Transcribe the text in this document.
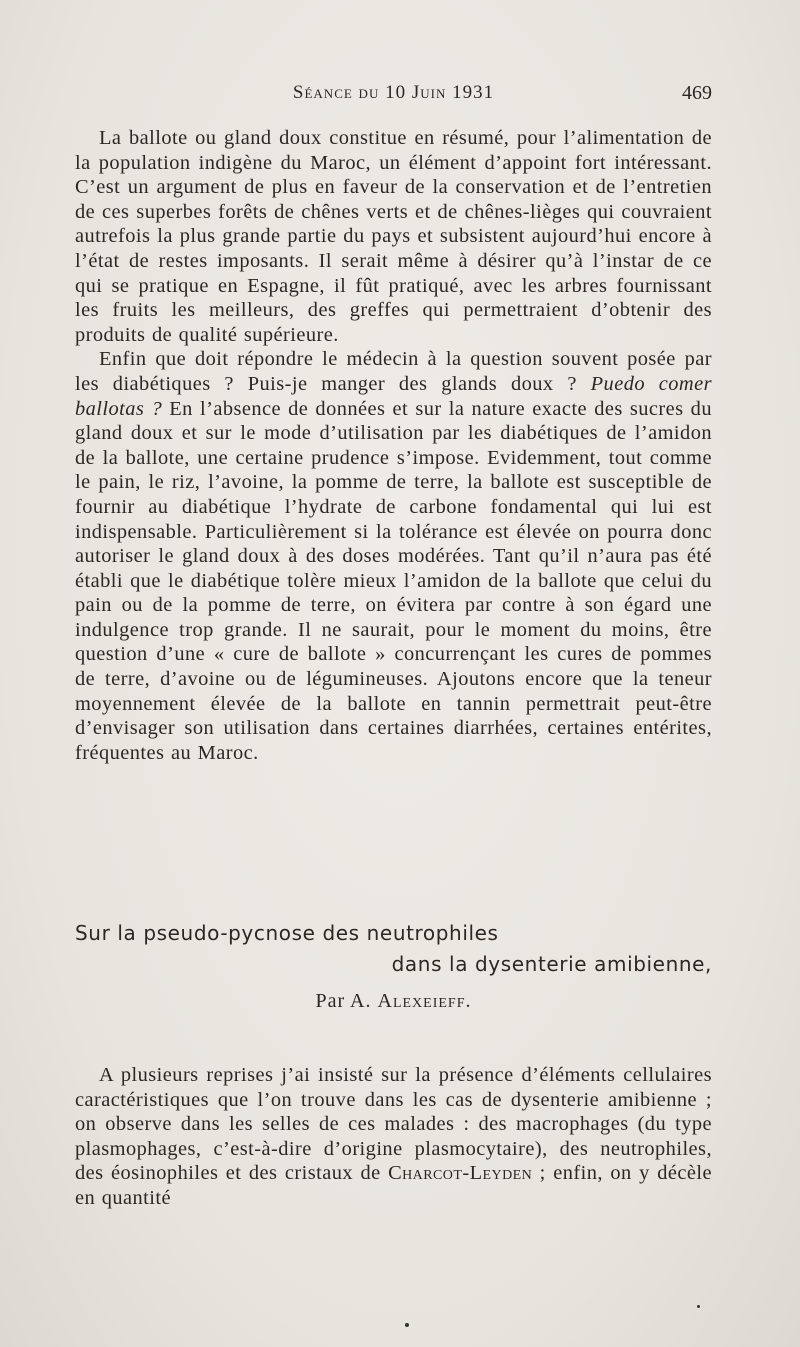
Séance du 10 Juin 1931	469

La ballote ou gland doux constitue en résumé, pour l’alimentation de la population indigène du Maroc, un élément d’appoint fort intéressant. C’est un argument de plus en faveur de la conservation et de l’entretien de ces superbes forêts de chênes verts et de chênes-lièges qui couvraient autrefois la plus grande partie du pays et subsistent aujourd’hui encore à l’état de restes imposants. Il serait même à désirer qu’à l’instar de ce qui se pratique en Espagne, il fût pratiqué, avec les arbres fournissant les fruits les meilleurs, des greffes qui permettraient d’obtenir des produits de qualité supérieure.

Enfin que doit répondre le médecin à la question souvent posée par les diabétiques ? Puis-je manger des glands doux ? Puedo comer ballotas ? En l’absence de données et sur la nature exacte des sucres du gland doux et sur le mode d’utilisation par les diabétiques de l’amidon de la ballote, une certaine prudence s’impose. Evidemment, tout comme le pain, le riz, l’avoine, la pomme de terre, la ballote est susceptible de fournir au diabétique l’hydrate de carbone fondamental qui lui est indispensable. Particulièrement si la tolérance est élevée on pourra donc autoriser le gland doux à des doses modérées. Tant qu’il n’aura pas été établi que le diabétique tolère mieux l’amidon de la ballote que celui du pain ou de la pomme de terre, on évitera par contre à son égard une indulgence trop grande. Il ne saurait, pour le moment du moins, être question d’une « cure de ballote » concurrençant les cures de pommes de terre, d’avoine ou de légumineuses. Ajoutons encore que la teneur moyennement élevée de la ballote en tannin permettrait peut-être d’envisager son utilisation dans certaines diarrhées, certaines entérites, fréquentes au Maroc.

Sur la pseudo-pycnose des neutrophiles
dans la dysenterie amibienne,
Par A. Alexeieff.

A plusieurs reprises j’ai insisté sur la présence d’éléments cellulaires caractéristiques que l’on trouve dans les cas de dysenterie amibienne ; on observe dans les selles de ces malades : des macrophages (du type plasmophages, c’est-à-dire d’origine plasmocytaire), des neutrophiles, des éosinophiles et des cristaux de Charcot-Leyden ; enfin, on y décèle en quantité
